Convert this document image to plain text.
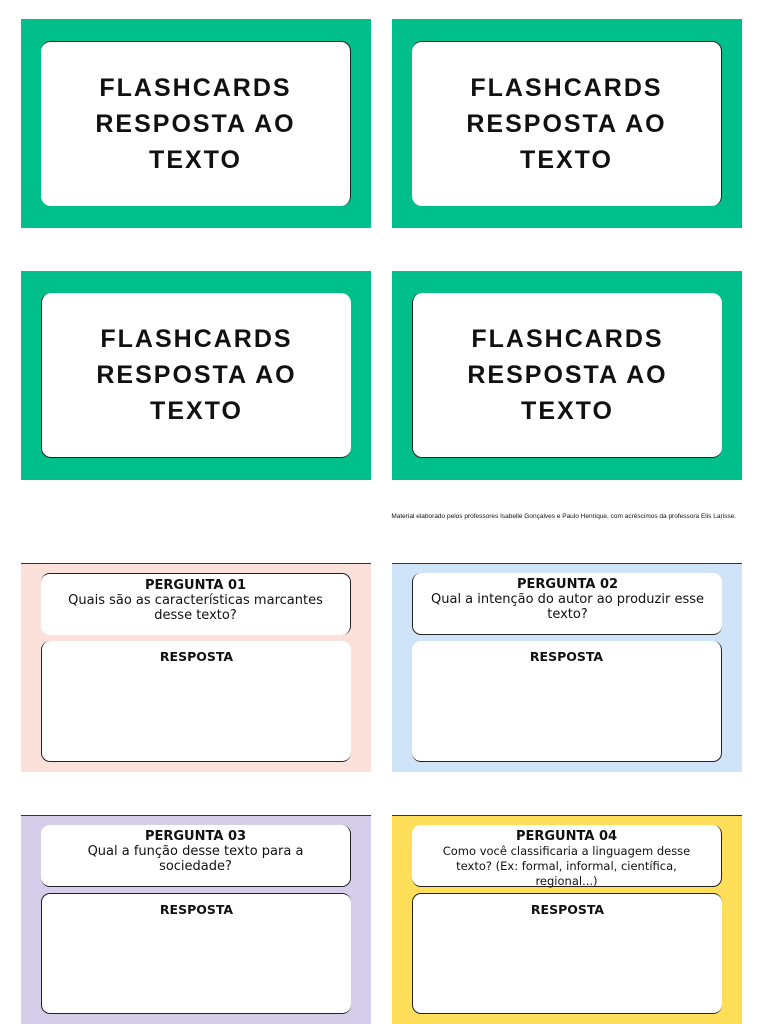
FLASHCARDS
RESPOSTA AO
TEXTO
FLASHCARDS
RESPOSTA AO
TEXTO
FLASHCARDS
RESPOSTA AO
TEXTO
FLASHCARDS
RESPOSTA AO
TEXTO
Material elaborado pelos professores Isabelle Gonçalves e Paulo Henrique, com acréscimos da professora Elis Larisse.
PERGUNTA 01
Quais são as características marcantes desse texto?
RESPOSTA
PERGUNTA 02
Qual a intenção do autor ao produzir esse texto?
RESPOSTA
PERGUNTA 03
Qual a função desse texto para a sociedade?
RESPOSTA
PERGUNTA 04
Como você classificaria a linguagem desse texto? (Ex: formal, informal, científica, regional...)
RESPOSTA
